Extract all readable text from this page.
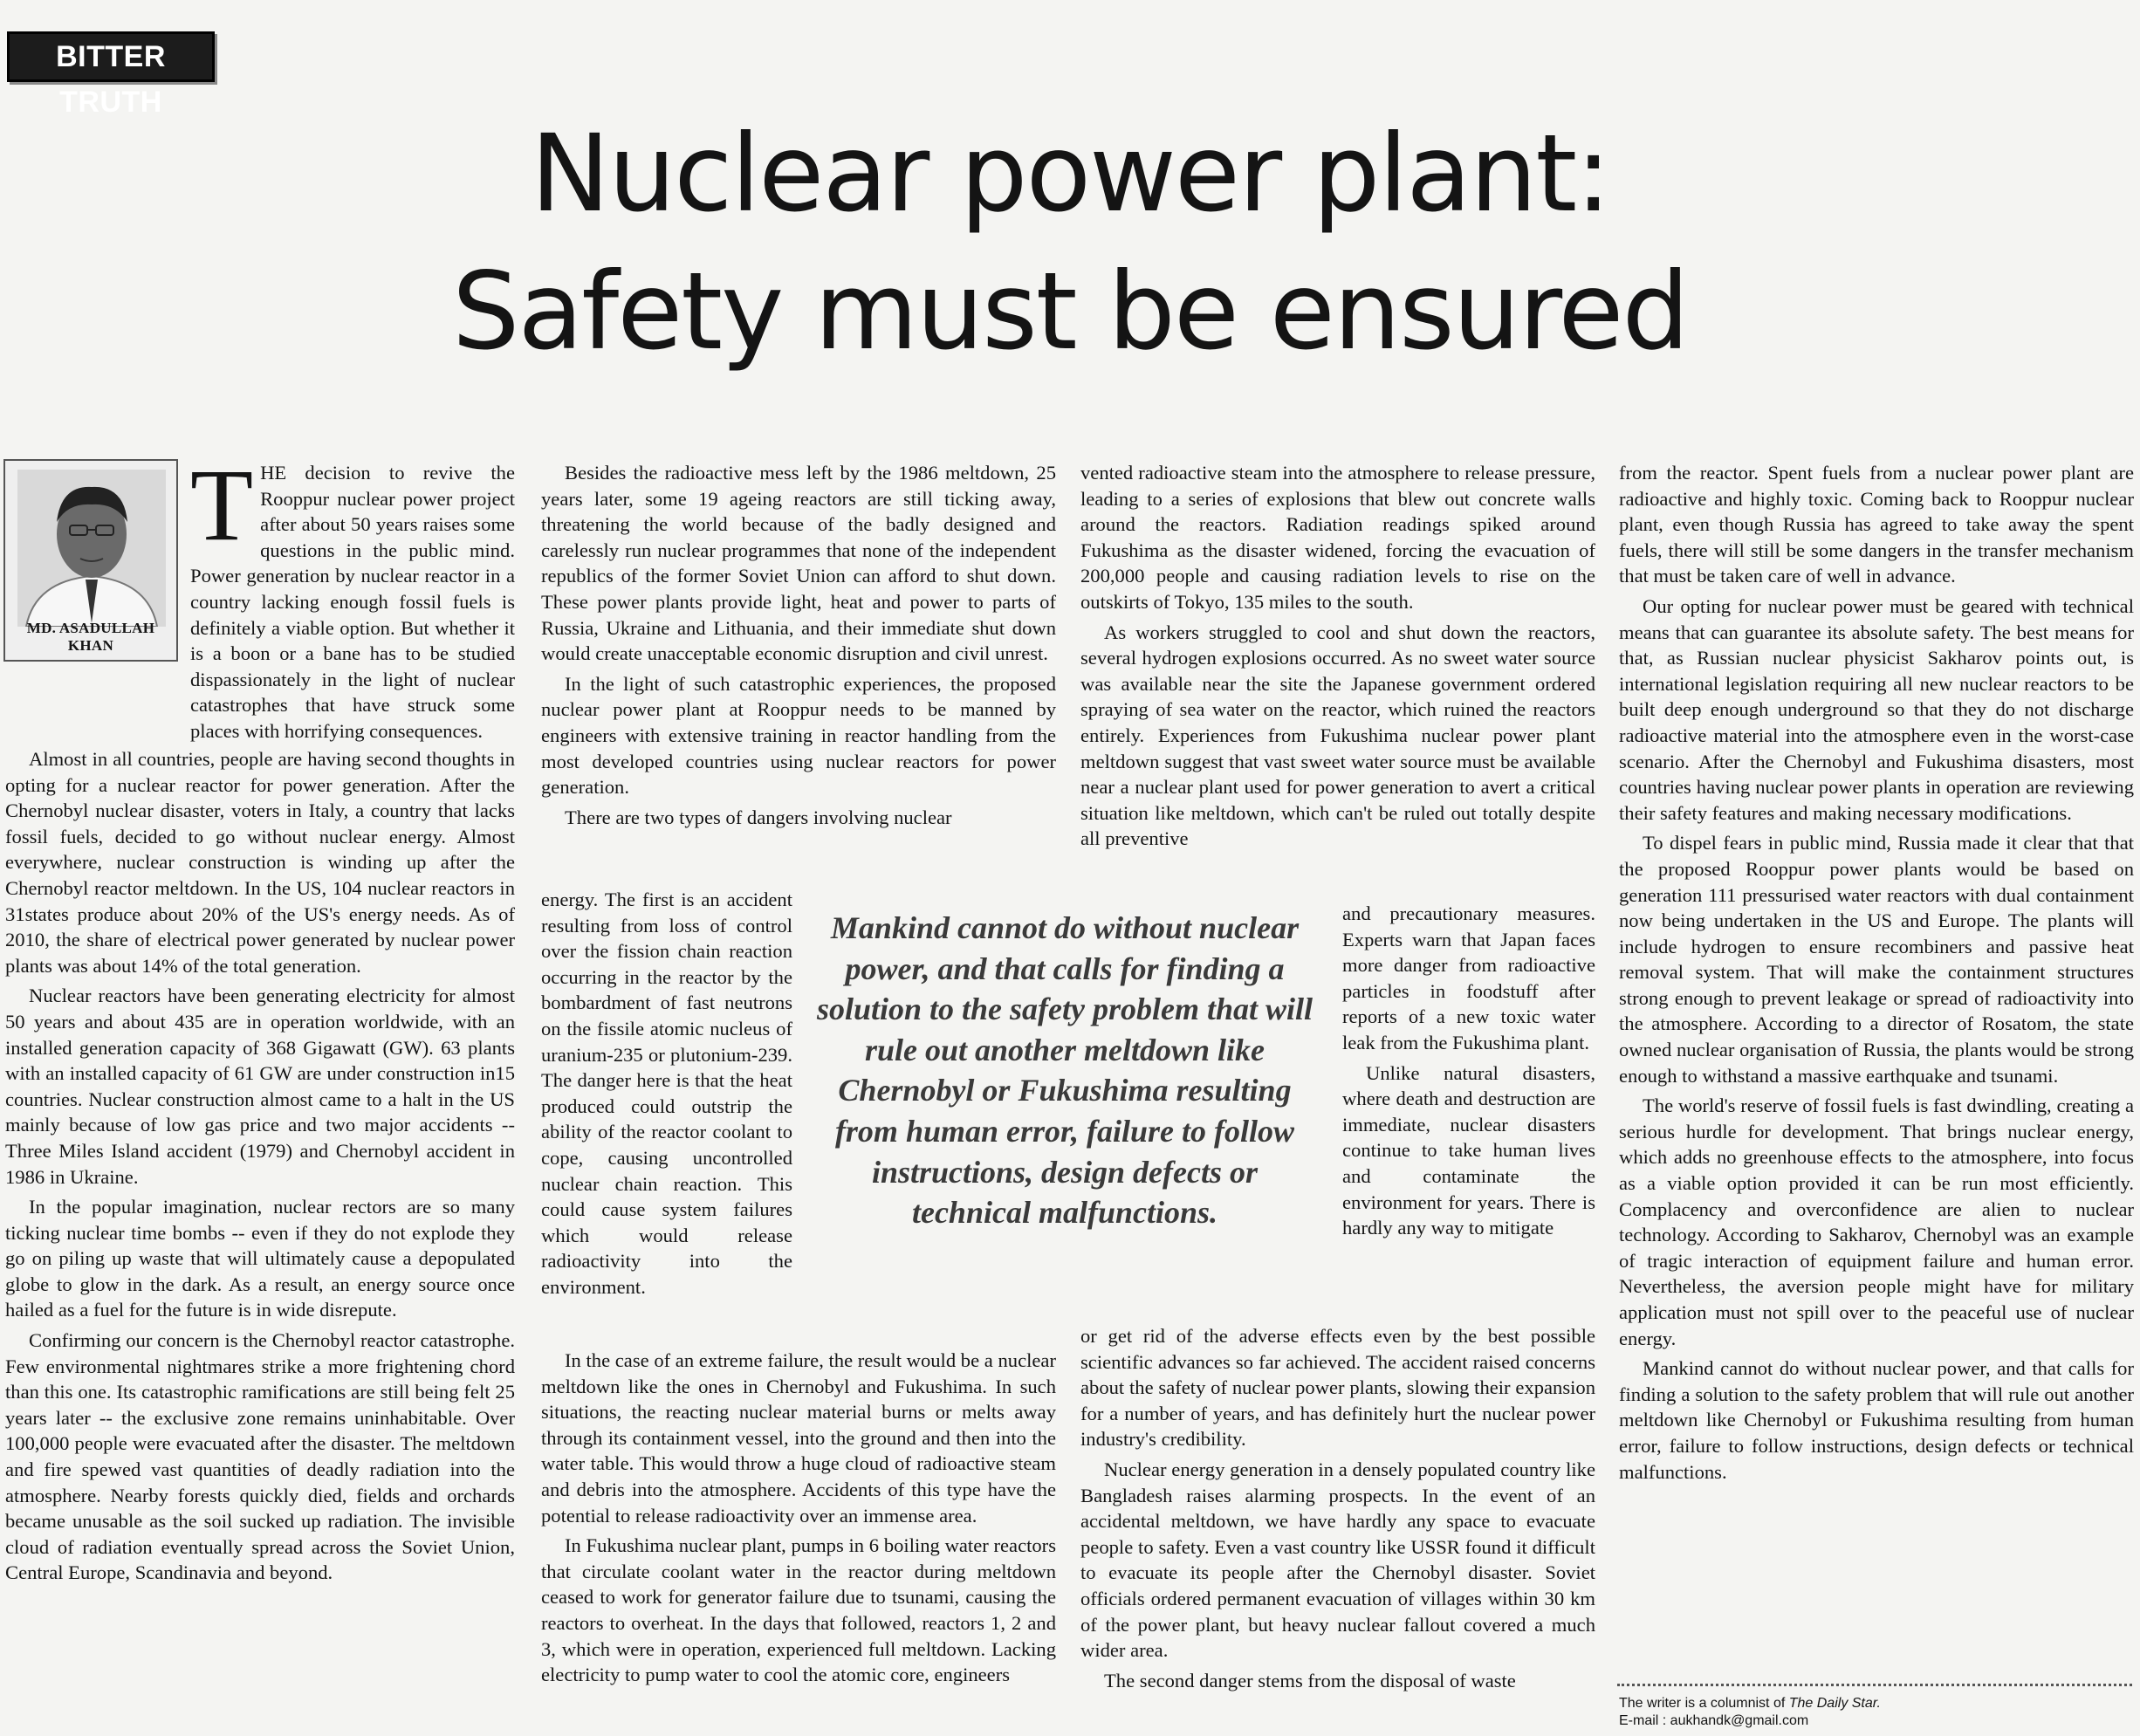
BITTER TRUTH
Nuclear power plant:
Safety must be ensured
MD. ASADULLAH KHAN

THE decision to revive the Rooppur nuclear power project after about 50 years raises some questions in the public mind. Power generation by nuclear reactor in a country lacking enough fossil fuels is definitely a viable option. But whether it is a boon or a bane has to be studied dispassionately in the light of nuclear catastrophes that have struck some places with horrifying consequences.

Almost in all countries, people are having second thoughts in opting for a nuclear reactor for power generation. After the Chernobyl nuclear disaster, voters in Italy, a country that lacks fossil fuels, decided to go without nuclear energy. Almost everywhere, nuclear construction is winding up after the Chernobyl reactor meltdown. In the US, 104 nuclear reactors in 31states produce about 20% of the US's energy needs. As of 2010, the share of electrical power generated by nuclear power plants was about 14% of the total generation.

Nuclear reactors have been generating electricity for almost 50 years and about 435 are in operation worldwide, with an installed generation capacity of 368 Gigawatt (GW). 63 plants with an installed capacity of 61 GW are under construction in15 countries. Nuclear construction almost came to a halt in the US mainly because of low gas price and two major accidents -- Three Miles Island accident (1979) and Chernobyl accident in 1986 in Ukraine.

In the popular imagination, nuclear rectors are so many ticking nuclear time bombs -- even if they do not explode they go on piling up waste that will ultimately cause a depopulated globe to glow in the dark. As a result, an energy source once hailed as a fuel for the future is in wide disrepute.

Confirming our concern is the Chernobyl reactor catastrophe. Few environmental nightmares strike a more frightening chord than this one. Its catastrophic ramifications are still being felt 25 years later -- the exclusive zone remains uninhabitable. Over 100,000 people were evacuated after the disaster. The meltdown and fire spewed vast quantities of deadly radiation into the atmosphere. Nearby forests quickly died, fields and orchards became unusable as the soil sucked up radiation. The invisible cloud of radiation eventually spread across the Soviet Union, Central Europe, Scandinavia and beyond.

Besides the radioactive mess left by the 1986 meltdown, 25 years later, some 19 ageing reactors are still ticking away, threatening the world because of the badly designed and carelessly run nuclear programmes that none of the independent republics of the former Soviet Union can afford to shut down. These power plants provide light, heat and power to parts of Russia, Ukraine and Lithuania, and their immediate shut down would create unacceptable economic disruption and civil unrest.

In the light of such catastrophic experiences, the proposed nuclear power plant at Rooppur needs to be manned by engineers with extensive training in reactor handling from the most developed countries using nuclear reactors for power generation.

There are two types of dangers involving nuclear

energy. The first is an accident resulting from loss of control over the fission chain reaction occurring in the reactor by the bombardment of fast neutrons on the fissile atomic nucleus of uranium-235 or plutonium-239. The danger here is that the heat produced could outstrip the ability of the reactor coolant to cope, causing uncontrolled nuclear chain reaction. This could cause system failures which would release radioactivity into the environment.

In the case of an extreme failure, the result would be a nuclear meltdown like the ones in Chernobyl and Fukushima. In such situations, the reacting nuclear material burns or melts away through its containment vessel, into the ground and then into the water table. This would throw a huge cloud of radioactive steam and debris into the atmosphere. Accidents of this type have the potential to release radioactivity over an immense area.

In Fukushima nuclear plant, pumps in 6 boiling water reactors that circulate coolant water in the reactor during meltdown ceased to work for generator failure due to tsunami, causing the reactors to overheat. In the days that followed, reactors 1, 2 and 3, which were in operation, experienced full meltdown. Lacking electricity to pump water to cool the atomic core, engineers

Mankind cannot do without nuclear power, and that calls for finding a solution to the safety problem that will rule out another meltdown like Chernobyl or Fukushima resulting from human error, failure to follow instructions, design defects or technical malfunctions.

vented radioactive steam into the atmosphere to release pressure, leading to a series of explosions that blew out concrete walls around the reactors. Radiation readings spiked around Fukushima as the disaster widened, forcing the evacuation of 200,000 people and causing radiation levels to rise on the outskirts of Tokyo, 135 miles to the south.

As workers struggled to cool and shut down the reactors, several hydrogen explosions occurred. As no sweet water source was available near the site the Japanese government ordered spraying of sea water on the reactor, which ruined the reactors entirely. Experiences from Fukushima nuclear power plant meltdown suggest that vast sweet water source must be available near a nuclear plant used for power generation to avert a critical situation like meltdown, which can't be ruled out totally despite all preventive

and precautionary measures. Experts warn that Japan faces more danger from radioactive particles in foodstuff after reports of a new toxic water leak from the Fukushima plant.

Unlike natural disasters, where death and destruction are immediate, nuclear disasters continue to take human lives and contaminate the environment for years. There is hardly any way to mitigate

or get rid of the adverse effects even by the best possible scientific advances so far achieved. The accident raised concerns about the safety of nuclear power plants, slowing their expansion for a number of years, and has definitely hurt the nuclear power industry's credibility.

Nuclear energy generation in a densely populated country like Bangladesh raises alarming prospects. In the event of an accidental meltdown, we have hardly any space to evacuate people to safety. Even a vast country like USSR found it difficult to evacuate its people after the Chernobyl disaster. Soviet officials ordered permanent evacuation of villages within 30 km of the power plant, but heavy nuclear fallout covered a much wider area.

The second danger stems from the disposal of waste

from the reactor. Spent fuels from a nuclear power plant are radioactive and highly toxic. Coming back to Rooppur nuclear plant, even though Russia has agreed to take away the spent fuels, there will still be some dangers in the transfer mechanism that must be taken care of well in advance.

Our opting for nuclear power must be geared with technical means that can guarantee its absolute safety. The best means for that, as Russian nuclear physicist Sakharov points out, is international legislation requiring all new nuclear reactors to be built deep enough underground so that they do not discharge radioactive material into the atmosphere even in the worst-case scenario. After the Chernobyl and Fukushima disasters, most countries having nuclear power plants in operation are reviewing their safety features and making necessary modifications.

To dispel fears in public mind, Russia made it clear that that the proposed Rooppur power plants would be based on generation 111 pressurised water reactors with dual containment now being undertaken in the US and Europe. The plants will include hydrogen to ensure recombiners and passive heat removal system. That will make the containment structures strong enough to prevent leakage or spread of radioactivity into the atmosphere. According to a director of Rosatom, the state owned nuclear organisation of Russia, the plants would be strong enough to withstand a massive earthquake and tsunami.

The world's reserve of fossil fuels is fast dwindling, creating a serious hurdle for development. That brings nuclear energy, which adds no greenhouse effects to the atmosphere, into focus as a viable option provided it can be run most efficiently. Complacency and overconfidence are alien to nuclear technology. According to Sakharov, Chernobyl was an example of tragic interaction of equipment failure and human error. Nevertheless, the aversion people might have for military application must not spill over to the peaceful use of nuclear energy.

Mankind cannot do without nuclear power, and that calls for finding a solution to the safety problem that will rule out another meltdown like Chernobyl or Fukushima resulting from human error, failure to follow instructions, design defects or technical malfunctions.

The writer is a columnist of The Daily Star.
E-mail : aukhandk@gmail.com
